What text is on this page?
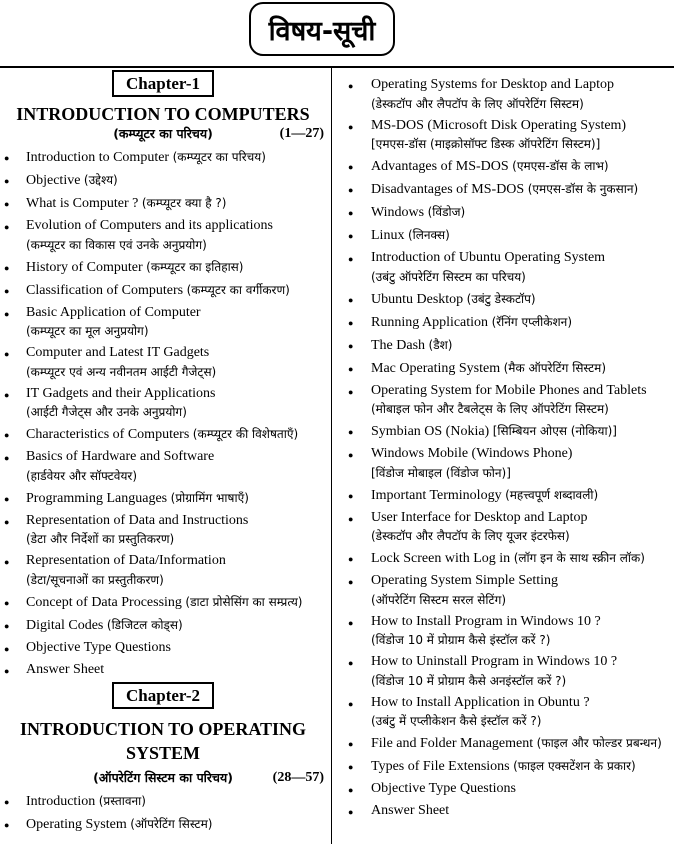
विषय-सूची
Chapter-1
INTRODUCTION TO COMPUTERS
(कम्प्यूटर का परिचय)	(1—27)
● Introduction to Computer (कम्प्यूटर का परिचय)
● Objective (उद्देश्य)
● What is Computer ? (कम्प्यूटर क्या है ?)
● Evolution of Computers and its applications
(कम्प्यूटर का विकास एवं उनके अनुप्रयोग)
● History of Computer (कम्प्यूटर का इतिहास)
● Classification of Computers (कम्प्यूटर का वर्गीकरण)
● Basic Application of Computer
(कम्प्यूटर का मूल अनुप्रयोग)
● Computer and Latest IT Gadgets
(कम्प्यूटर एवं अन्य नवीनतम आईटी गैजेट्स)
● IT Gadgets and their Applications
(आईटी गैजेट्स और उनके अनुप्रयोग)
● Characteristics of Computers (कम्प्यूटर की विशेषताएँ)
● Basics of Hardware and Software
(हार्डवेयर और सॉफ्टवेयर)
● Programming Languages (प्रोग्रामिंग भाषाएँ)
● Representation of Data and Instructions
(डेटा और निर्देशों का प्रस्तुतिकरण)
● Representation of Data/Information
(डेटा/सूचनाओं का प्रस्तुतीकरण)
● Concept of Data Processing (डाटा प्रोसेसिंग का सम्प्रत्य)
● Digital Codes (डिजिटल कोड्स)
● Objective Type Questions
● Answer Sheet
Chapter-2
INTRODUCTION TO OPERATING SYSTEM
(ऑपरेटिंग सिस्टम का परिचय)	(28—57)
● Introduction (प्रस्तावना)
● Operating System (ऑपरेटिंग सिस्टम)
● Operating Systems for Desktop and Laptop
(डेस्कटॉप और लैपटॉप के लिए ऑपरेटिंग सिस्टम)
● MS-DOS (Microsoft Disk Operating System)
[एमएस-डॉस (माइक्रोसॉफ्ट डिस्क ऑपरेटिंग सिस्टम)]
● Advantages of MS-DOS (एमएस-डॉस के लाभ)
● Disadvantages of MS-DOS (एमएस-डॉस के नुकसान)
● Windows (विंडोज)
● Linux (लिनक्स)
● Introduction of Ubuntu Operating System
(उबंटु ऑपरेटिंग सिस्टम का परिचय)
● Ubuntu Desktop (उबंटु डेस्कटॉप)
● Running Application (रॅनिंग एप्लीकेशन)
● The Dash (डैश)
● Mac Operating System (मैक ऑपरेटिंग सिस्टम)
● Operating System for Mobile Phones and Tablets
(मोबाइल फोन और टैबलेट्स के लिए ऑपरेटिंग सिस्टम)
● Symbian OS (Nokia) [सिम्बियन ओएस (नोकिया)]
● Windows Mobile (Windows Phone)
[विंडोज मोबाइल (विंडोज फोन)]
● Important Terminology (महत्त्वपूर्ण शब्दावली)
● User Interface for Desktop and Laptop
(डेस्कटॉप और लैपटॉप के लिए यूजर इंटरफेस)
● Lock Screen with Log in (लॉग इन के साथ स्क्रीन लॉक)
● Operating System Simple Setting
(ऑपरेटिंग सिस्टम सरल सेटिंग)
● How to Install Program in Windows 10 ?
(विंडोज 10 में प्रोग्राम कैसे इंस्टॉल करें ?)
● How to Uninstall Program in Windows 10 ?
(विंडोज 10 में प्रोग्राम कैसे अनइंस्टॉल करें ?)
● How to Install Application in Obuntu ?
(उबंटु में एप्लीकेशन कैसे इंस्टॉल करें ?)
● File and Folder Management (फाइल और फोल्डर प्रबन्धन)
● Types of File Extensions (फाइल एक्सटेंशन के प्रकार)
● Objective Type Questions
● Answer Sheet
